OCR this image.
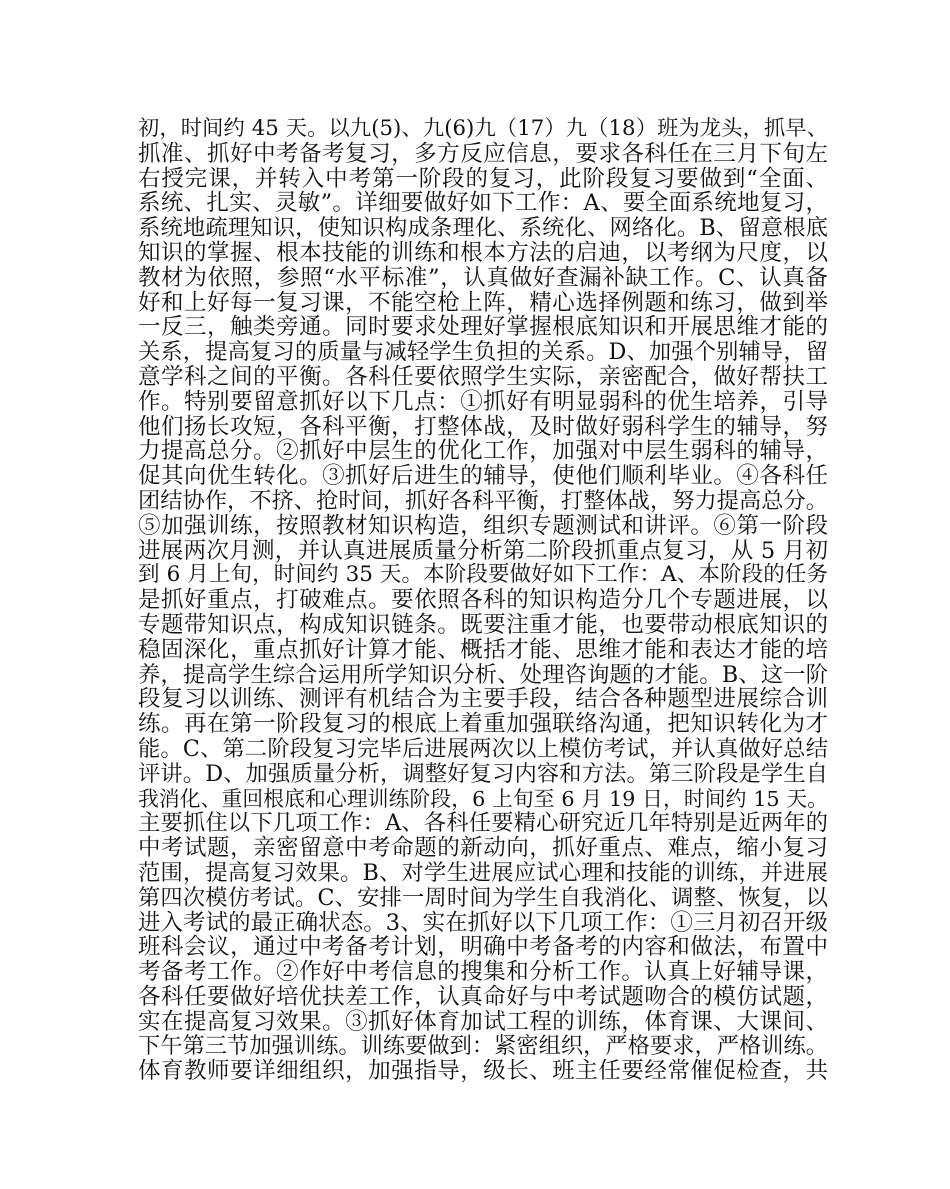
初，时间约 45 天。以九(5)、九(6)九（17）九（18）班为龙头，抓早、
抓准、抓好中考备考复习，多方反应信息，要求各科任在三月下旬左
右授完课，并转入中考第一阶段的复习，此阶段复习要做到“全面、
系统、扎实、灵敏”。详细要做好如下工作：A、要全面系统地复习，
系统地疏理知识，使知识构成条理化、系统化、网络化。B、留意根底
知识的掌握、根本技能的训练和根本方法的启迪，以考纲为尺度，以
教材为依照，参照“水平标准”，认真做好查漏补缺工作。C、认真备
好和上好每一复习课，不能空枪上阵，精心选择例题和练习，做到举
一反三，触类旁通。同时要求处理好掌握根底知识和开展思维才能的
关系，提高复习的质量与减轻学生负担的关系。D、加强个别辅导，留
意学科之间的平衡。各科任要依照学生实际，亲密配合，做好帮扶工
作。特别要留意抓好以下几点：①抓好有明显弱科的优生培养，引导
他们扬长攻短，各科平衡，打整体战，及时做好弱科学生的辅导，努
力提高总分。②抓好中层生的优化工作，加强对中层生弱科的辅导，
促其向优生转化。③抓好后进生的辅导，使他们顺利毕业。④各科任
团结协作，不挤、抢时间，抓好各科平衡，打整体战，努力提高总分。
⑤加强训练，按照教材知识构造，组织专题测试和讲评。⑥第一阶段
进展两次月测，并认真进展质量分析第二阶段抓重点复习，从 5 月初
到 6 月上旬，时间约 35 天。本阶段要做好如下工作：A、本阶段的任务
是抓好重点，打破难点。要依照各科的知识构造分几个专题进展，以
专题带知识点，构成知识链条。既要注重才能，也要带动根底知识的
稳固深化，重点抓好计算才能、概括才能、思维才能和表达才能的培
养，提高学生综合运用所学知识分析、处理咨询题的才能。B、这一阶
段复习以训练、测评有机结合为主要手段，结合各种题型进展综合训
练。再在第一阶段复习的根底上着重加强联络沟通，把知识转化为才
能。C、第二阶段复习完毕后进展两次以上模仿考试，并认真做好总结
评讲。D、加强质量分析，调整好复习内容和方法。第三阶段是学生自
我消化、重回根底和心理训练阶段，6 上旬至 6 月 19 日，时间约 15 天。
主要抓住以下几项工作：A、各科任要精心研究近几年特别是近两年的
中考试题，亲密留意中考命题的新动向，抓好重点、难点，缩小复习
范围，提高复习效果。B、对学生进展应试心理和技能的训练，并进展
第四次模仿考试。C、安排一周时间为学生自我消化、调整、恢复，以
进入考试的最正确状态。3、实在抓好以下几项工作：①三月初召开级
班科会议，通过中考备考计划，明确中考备考的内容和做法，布置中
考备考工作。②作好中考信息的搜集和分析工作。认真上好辅导课，
各科任要做好培优扶差工作，认真命好与中考试题吻合的模仿试题，
实在提高复习效果。③抓好体育加试工程的训练，体育课、大课间、
下午第三节加强训练。训练要做到：紧密组织，严格要求，严格训练。
体育教师要详细组织，加强指导，级长、班主任要经常催促检查，共
